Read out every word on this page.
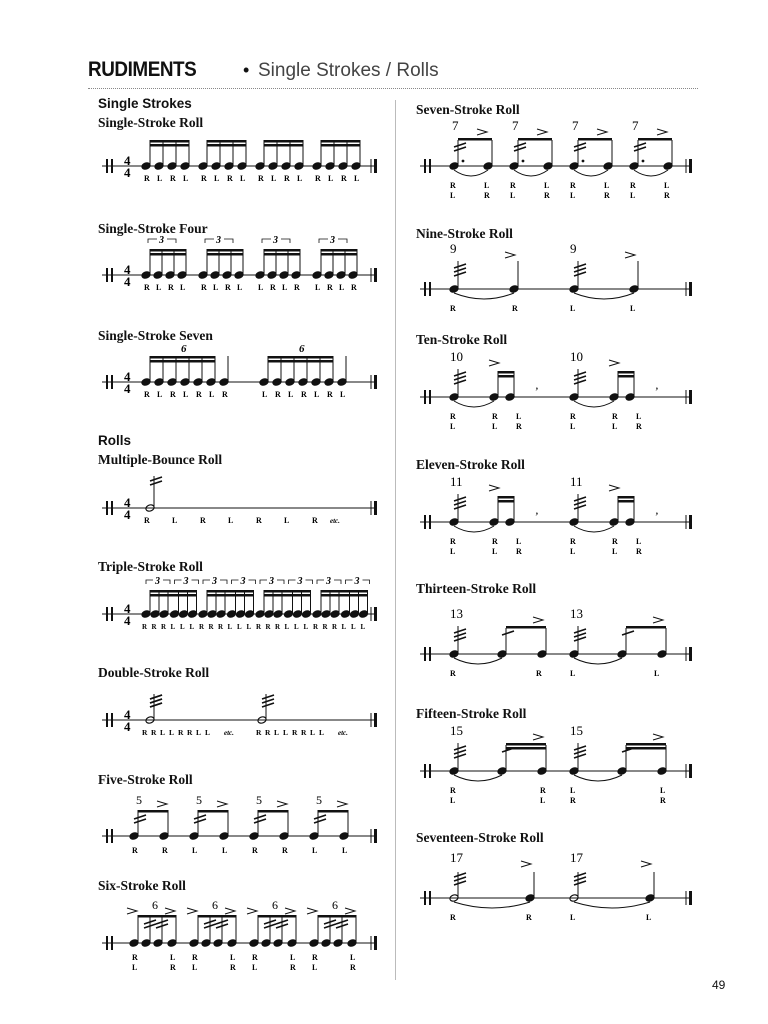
RUDIMENTS	• Single Strokes / Rolls
Single Strokes
Rolls
Single-Stroke Roll
Single-Stroke Four
Single-Stroke Seven
Multiple-Bounce Roll
Triple-Stroke Roll
Double-Stroke Roll
Five-Stroke Roll
Six-Stroke Roll
Seven-Stroke Roll
Nine-Stroke Roll
Ten-Stroke Roll
Eleven-Stroke Roll
Thirteen-Stroke Roll
Fifteen-Stroke Roll
Seventeen-Stroke Roll
4
4 R L R L R L R L R L R L R L R L
4
4
3	3	3	3
R L R L R L R L L R L R L R L R
4
4
6	6
R L R L R L R	L R L R L R L
4
4 R	L	R	L	R	L	R etc.
4
4
3 3 3 3 3 3 3 3
R R R L L L R R R L L L R R R L L L R R R L L L
4
4 R R L L R R L L etc.	R R L L R R L L etc.
5	5	5	5
R	R	L	L	R	R	L	L
6	6	6	6
R	L R	L R	L R	L
L	R L	R L	R L	R
7	7	7	7
R	L	R	L	R	L	R	L
L	R	L	R	L	R	L	R
9	9
R	R	L	L
10
’
10
’
R	R L	R	R L
L	L R	L	L R
11
’
11
’
R	R L	R	R L
L	L R	L	L R
13	13
R	R	L	L
15	15
R	R	L	L
L	L	R	R
17	17
R	R	L	L
49
